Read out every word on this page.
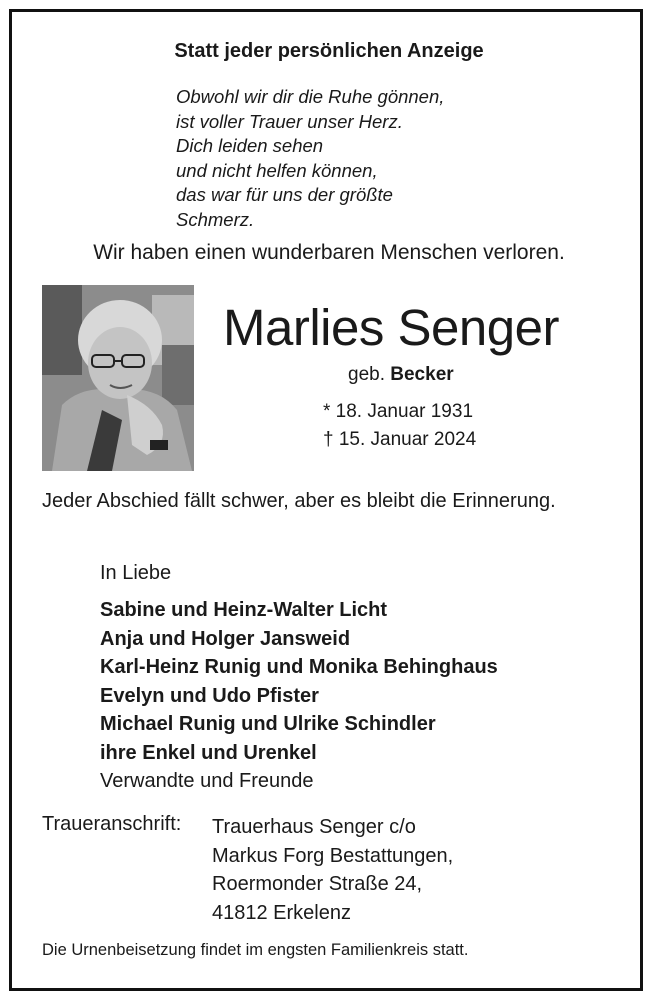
Statt jeder persönlichen Anzeige
Obwohl wir dir die Ruhe gönnen,
ist voller Trauer unser Herz.
Dich leiden sehen
und nicht helfen können,
das war für uns der größte
Schmerz.
Wir haben einen wunderbaren Menschen verloren.
Marlies Senger
geb. Becker
* 18. Januar 1931
† 15. Januar 2024
Jeder Abschied fällt schwer, aber es bleibt die Erinnerung.
In Liebe
Sabine und Heinz-Walter Licht
Anja und Holger Jansweid
Karl-Heinz Runig und Monika Behinghaus
Evelyn und Udo Pfister
Michael Runig und Ulrike Schindler
ihre Enkel und Urenkel
Verwandte und Freunde
Traueranschrift: Trauerhaus Senger c/o
Markus Forg Bestattungen,
Roermonder Straße 24,
41812 Erkelenz
Die Urnenbeisetzung findet im engsten Familienkreis statt.
